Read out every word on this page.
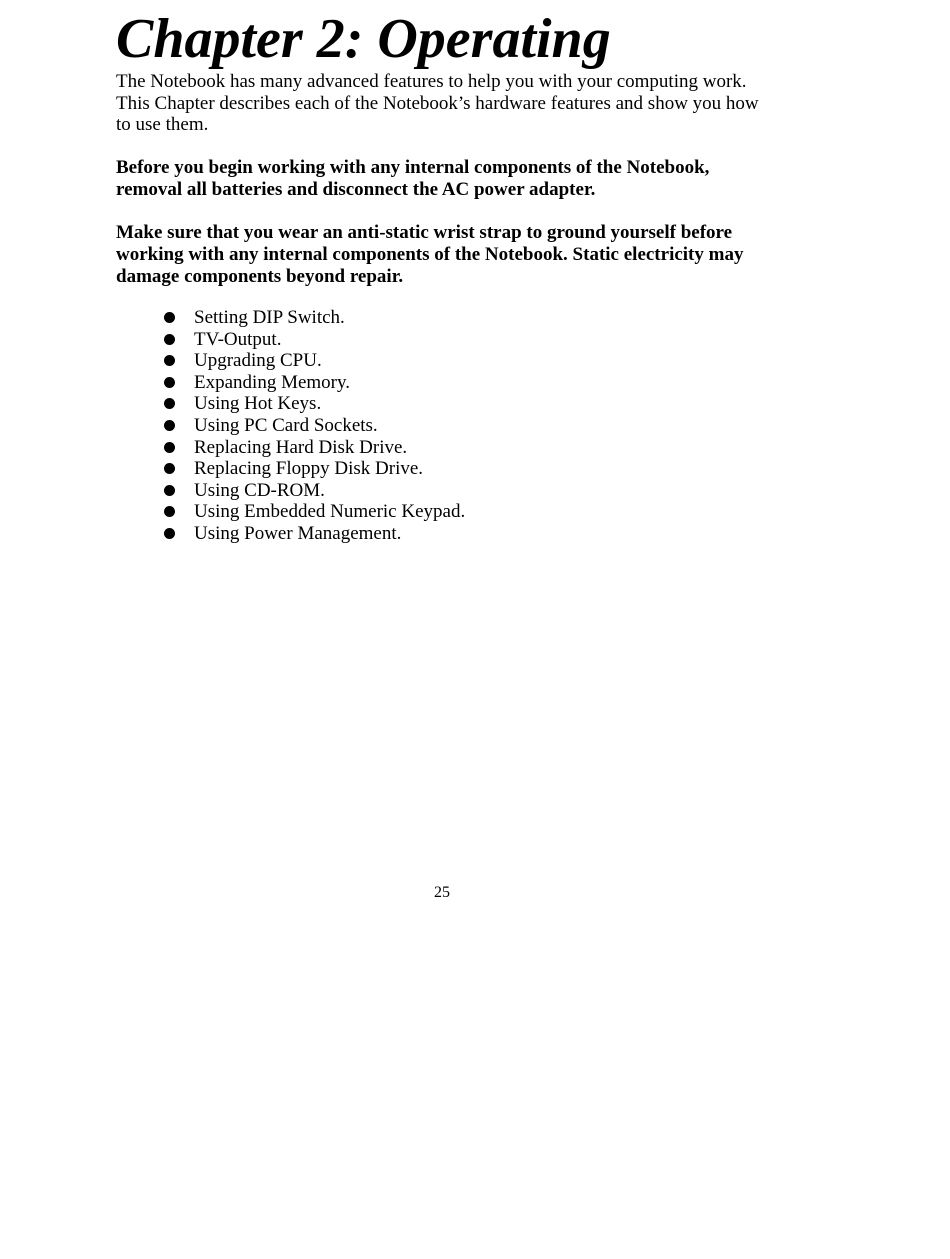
Chapter 2: Operating

The Notebook has many advanced features to help you with your computing work.
This Chapter describes each of the Notebook’s hardware features and show you how
to use them.

Before you begin working with any internal components of the Notebook,
removal all batteries and disconnect the AC power adapter.

Make sure that you wear an anti-static wrist strap to ground yourself before
working with any internal components of the Notebook. Static electricity may
damage components beyond repair.

Setting DIP Switch.
TV-Output.
Upgrading CPU.
Expanding Memory.
Using Hot Keys.
Using PC Card Sockets.
Replacing Hard Disk Drive.
Replacing Floppy Disk Drive.
Using CD-ROM.
Using Embedded Numeric Keypad.
Using Power Management.

25
